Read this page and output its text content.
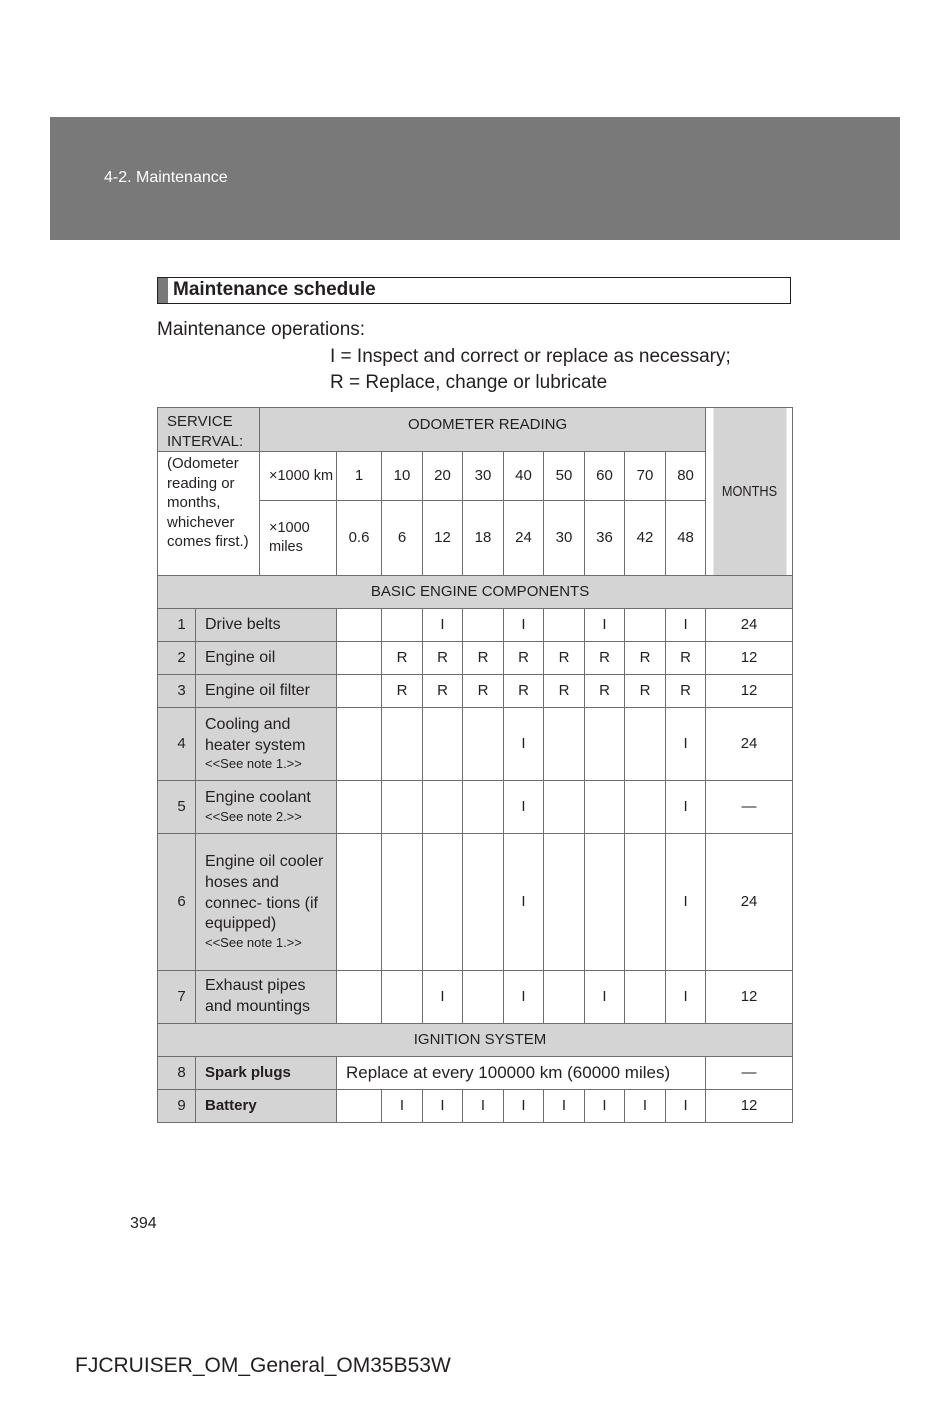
4-2. Maintenance
Maintenance schedule
Maintenance operations:
I = Inspect and correct or replace as necessary;
R = Replace, change or lubricate
SERVICE INTERVAL:		ODOMETER READING										MONTHS
(Odometer reading or months, whichever comes first.)		×1000 km	1	10	20	30	40	50	60	70	80	
		×1000 miles	0.6	6	12	18	24	30	36	42	48	
BASIC ENGINE COMPONENTS												
1	Drive belts				I		I		I		I	24
2	Engine oil			R	R	R	R	R	R	R	R	12
3	Engine oil filter			R	R	R	R	R	R	R	R	12
4	Cooling and heater system
<<See note 1.>>						I				I	24
5	Engine coolant
<<See note 2.>>						I				I	—
6	Engine oil cooler hoses and connec- tions (if equipped)
<<See note 1.>>						I				I	24
7	Exhaust pipes and mountings				I		I		I		I	12
IGNITION SYSTEM												
8	Spark plugs		Replace at every 100000 km (60000 miles)									—
9	Battery			I	I	I	I	I	I	I	I	12
394
FJCRUISER_OM_General_OM35B53W
